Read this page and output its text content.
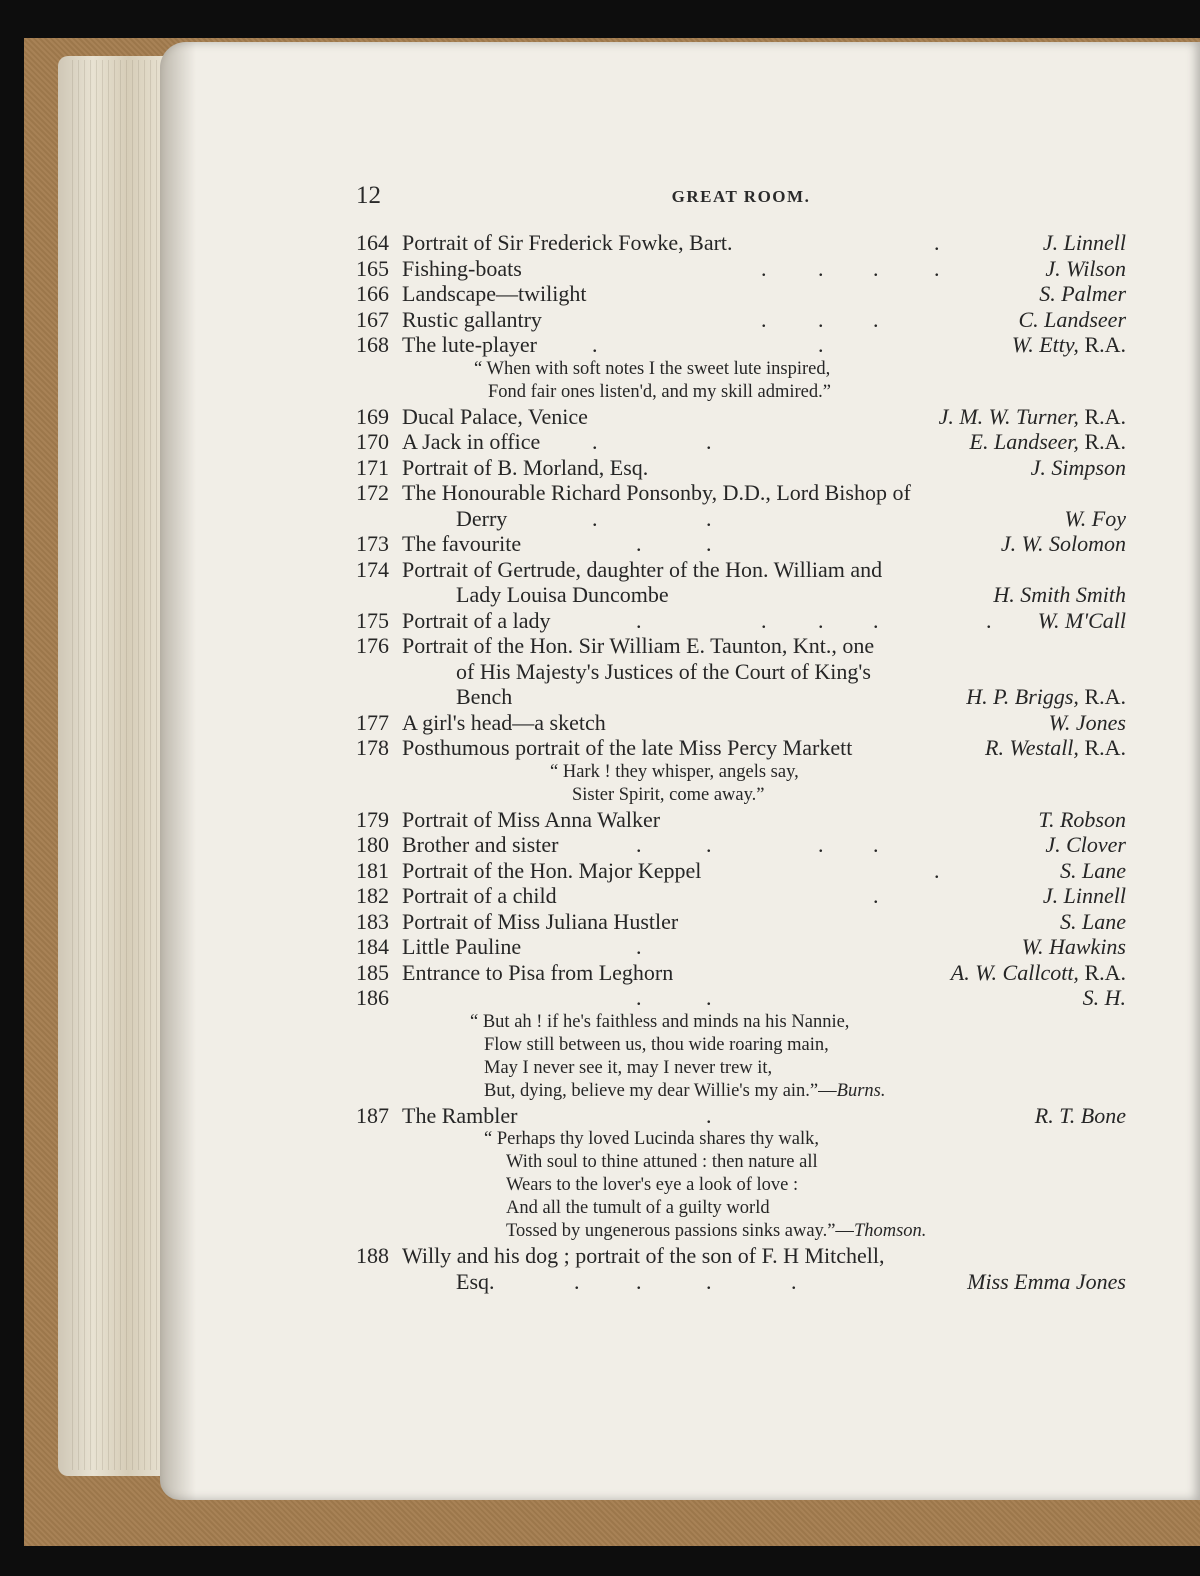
12	GREAT ROOM.
164 Portrait of Sir Frederick Fowke, Bart.	.	J. Linnell
165 Fishing-boats	. . .	.	J. Wilson
166 Landscape—twilight	S. Palmer
167 Rustic gallantry	. . .	C. Landseer
168 The lute-player	.	.	W. Etty, R.A.
“ When with soft notes I the sweet lute inspired,
Fond fair ones listen'd, and my skill admired.”
169 Ducal Palace, Venice	J. M. W. Turner, R.A.
170 A Jack in office .	.	E. Landseer, R.A.
171 Portrait of B. Morland, Esq.	J. Simpson
172 The Honourable Richard Ponsonby, D.D., Lord Bishop of
Derry	.	.	W. Foy
173 The favourite	.	.	J. W. Solomon
174 Portrait of Gertrude, daughter of the Hon. William and
Lady Louisa Duncombe	H. Smith Smith
175 Portrait of a lady	.	. . .	. W. M'Call
176 Portrait of the Hon. Sir William E. Taunton, Knt., one
of His Majesty's Justices of the Court of King's
Bench	H. P. Briggs, R.A.
177 A girl's head—a sketch	W. Jones
178 Posthumous portrait of the late Miss Percy Markett	R. Westall, R.A.
“ Hark ! they whisper, angels say,
Sister Spirit, come away.”
179 Portrait of Miss Anna Walker	T. Robson
180 Brother and sister	.	.	. .	J. Clover
181 Portrait of the Hon. Major Keppel	.	S. Lane
182 Portrait of a child	.	J. Linnell
183 Portrait of Miss Juliana Hustler	S. Lane
184 Little Pauline	.	W. Hawkins
185 Entrance to Pisa from Leghorn	A. W. Callcott, R.A.
186	.	.	S. H.
“ But ah ! if he's faithless and minds na his Nannie,
Flow still between us, thou wide roaring main,
May I never see it, may I never trew it,
But, dying, believe my dear Willie's my ain.”—Burns.
187 The Rambler	.	R. T. Bone
“ Perhaps thy loved Lucinda shares thy walk,
With soul to thine attuned : then nature all
Wears to the lover's eye a look of love :
And all the tumult of a guilty world
Tossed by ungenerous passions sinks away.”—Thomson.
188 Willy and his dog ; portrait of the son of F. H Mitchell,
Esq.	.	.	.	.	Miss Emma Jones
